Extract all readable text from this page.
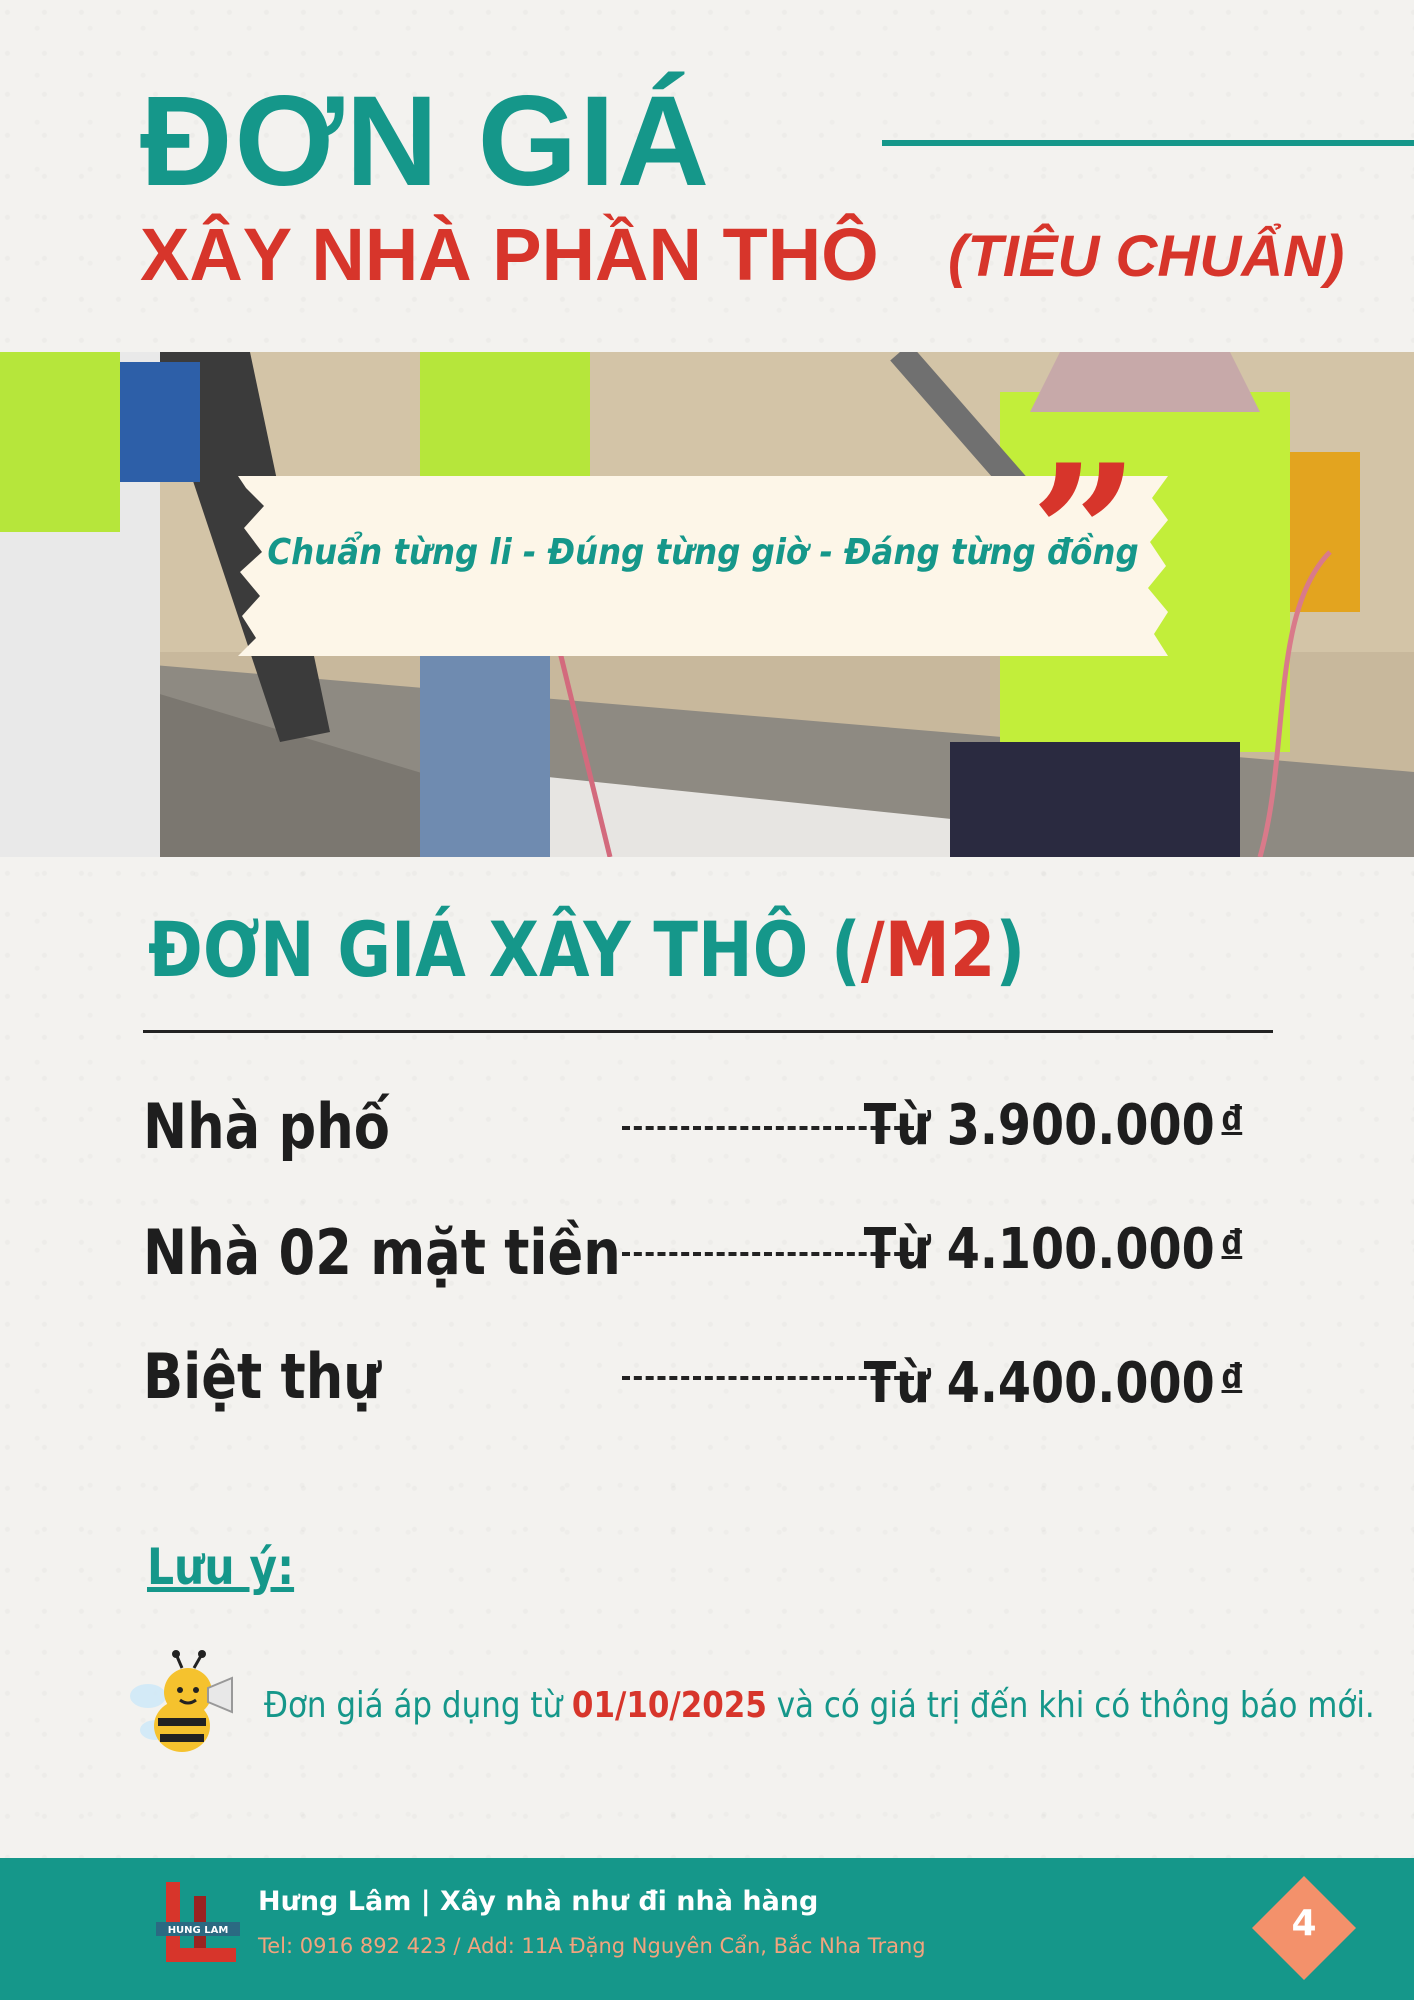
ĐƠN GIÁ
XÂY NHÀ PHẦN THÔ (TIÊU CHUẨN)
Chuẩn từng li - Đúng từng giờ - Đáng từng đồng
”
ĐƠN GIÁ XÂY THÔ (/M2)
Nhà phố	Từ 3.900.000 $^đ$
Nhà 02 mặt tiền	Từ 4.100.000 $^đ$
Biệt thự	Từ 4.400.000 $^đ$
Lưu ý:
Đơn giá áp dụng từ 01/10/2025 và có giá trị đến khi có thông báo mới.
HUNG LAM
Hưng Lâm | Xây nhà như đi nhà hàng
Tel: 0916 892 423 / Add: 11A Đặng Nguyên Cẩn, Bắc Nha Trang
4
